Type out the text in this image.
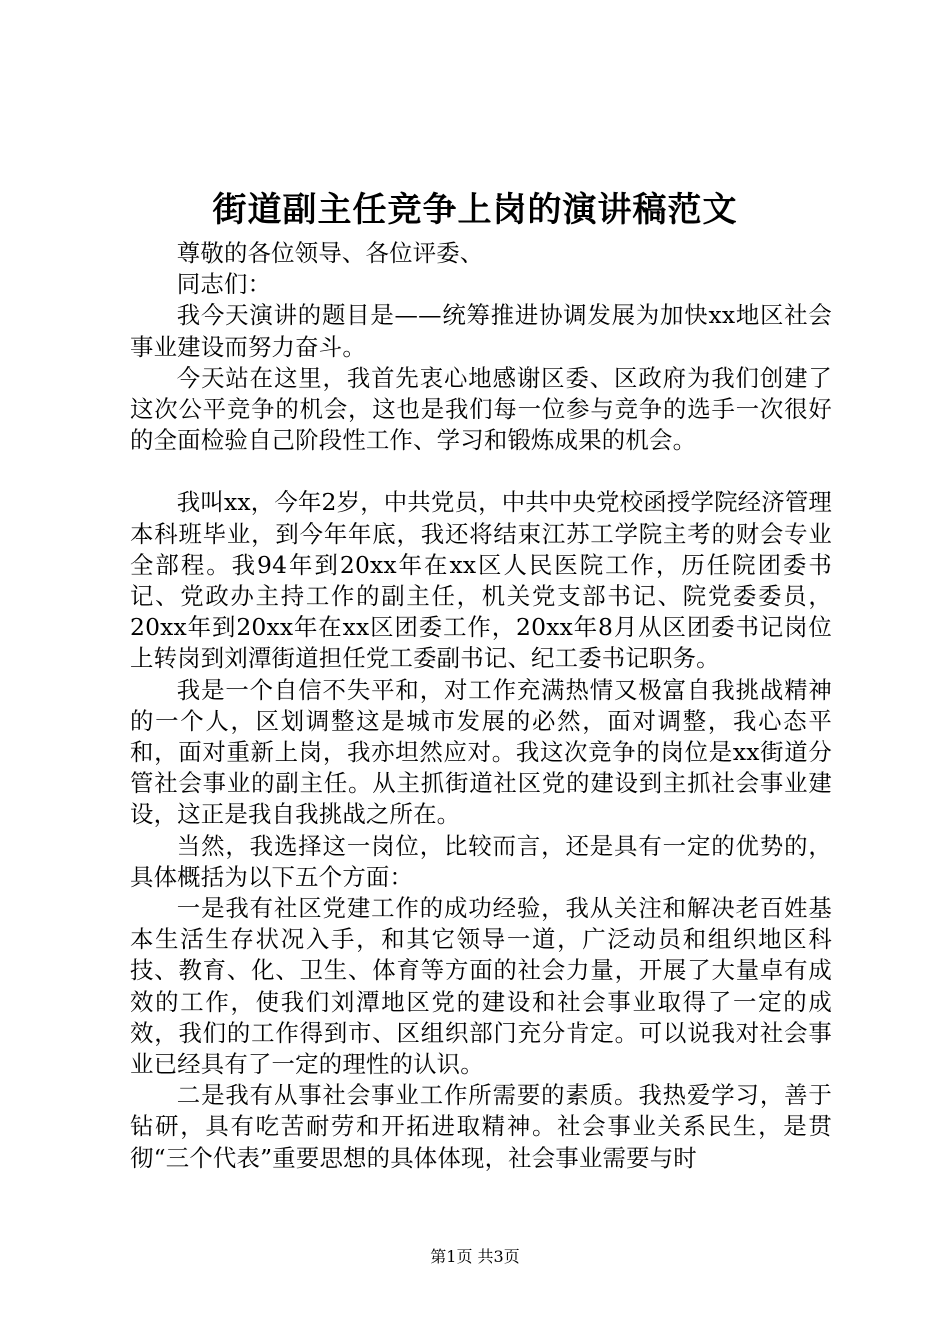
街道副主任竞争上岗的演讲稿范文

尊敬的各位领导、各位评委、

同志们：

我今天演讲的题目是——统筹推进协调发展为加快xx地区社会事业建设而努力奋斗。

今天站在这里，我首先衷心地感谢区委、区政府为我们创建了这次公平竞争的机会，这也是我们每一位参与竞争的选手一次很好的全面检验自己阶段性工作、学习和锻炼成果的机会。

我叫xx，今年2岁，中共党员，中共中央党校函授学院经济管理本科班毕业，到今年年底，我还将结束江苏工学院主考的财会专业全部程。我94年到20xx年在xx区人民医院工作，历任院团委书记、党政办主持工作的副主任，机关党支部书记、院党委委员，20xx年到20xx年在xx区团委工作，20xx年8月从区团委书记岗位上转岗到刘潭街道担任党工委副书记、纪工委书记职务。

我是一个自信不失平和，对工作充满热情又极富自我挑战精神的一个人，区划调整这是城市发展的必然，面对调整，我心态平和，面对重新上岗，我亦坦然应对。我这次竞争的岗位是xx街道分管社会事业的副主任。从主抓街道社区党的建设到主抓社会事业建设，这正是我自我挑战之所在。

当然，我选择这一岗位，比较而言，还是具有一定的优势的，具体概括为以下五个方面：

一是我有社区党建工作的成功经验，我从关注和解决老百姓基本生活生存状况入手，和其它领导一道，广泛动员和组织地区科技、教育、化、卫生、体育等方面的社会力量，开展了大量卓有成效的工作，使我们刘潭地区党的建设和社会事业取得了一定的成效，我们的工作得到市、区组织部门充分肯定。可以说我对社会事业已经具有了一定的理性的认识。

二是我有从事社会事业工作所需要的素质。我热爱学习，善于钻研，具有吃苦耐劳和开拓进取精神。社会事业关系民生，是贯彻“三个代表”重要思想的具体体现，社会事业需要与时

第1页 共3页
